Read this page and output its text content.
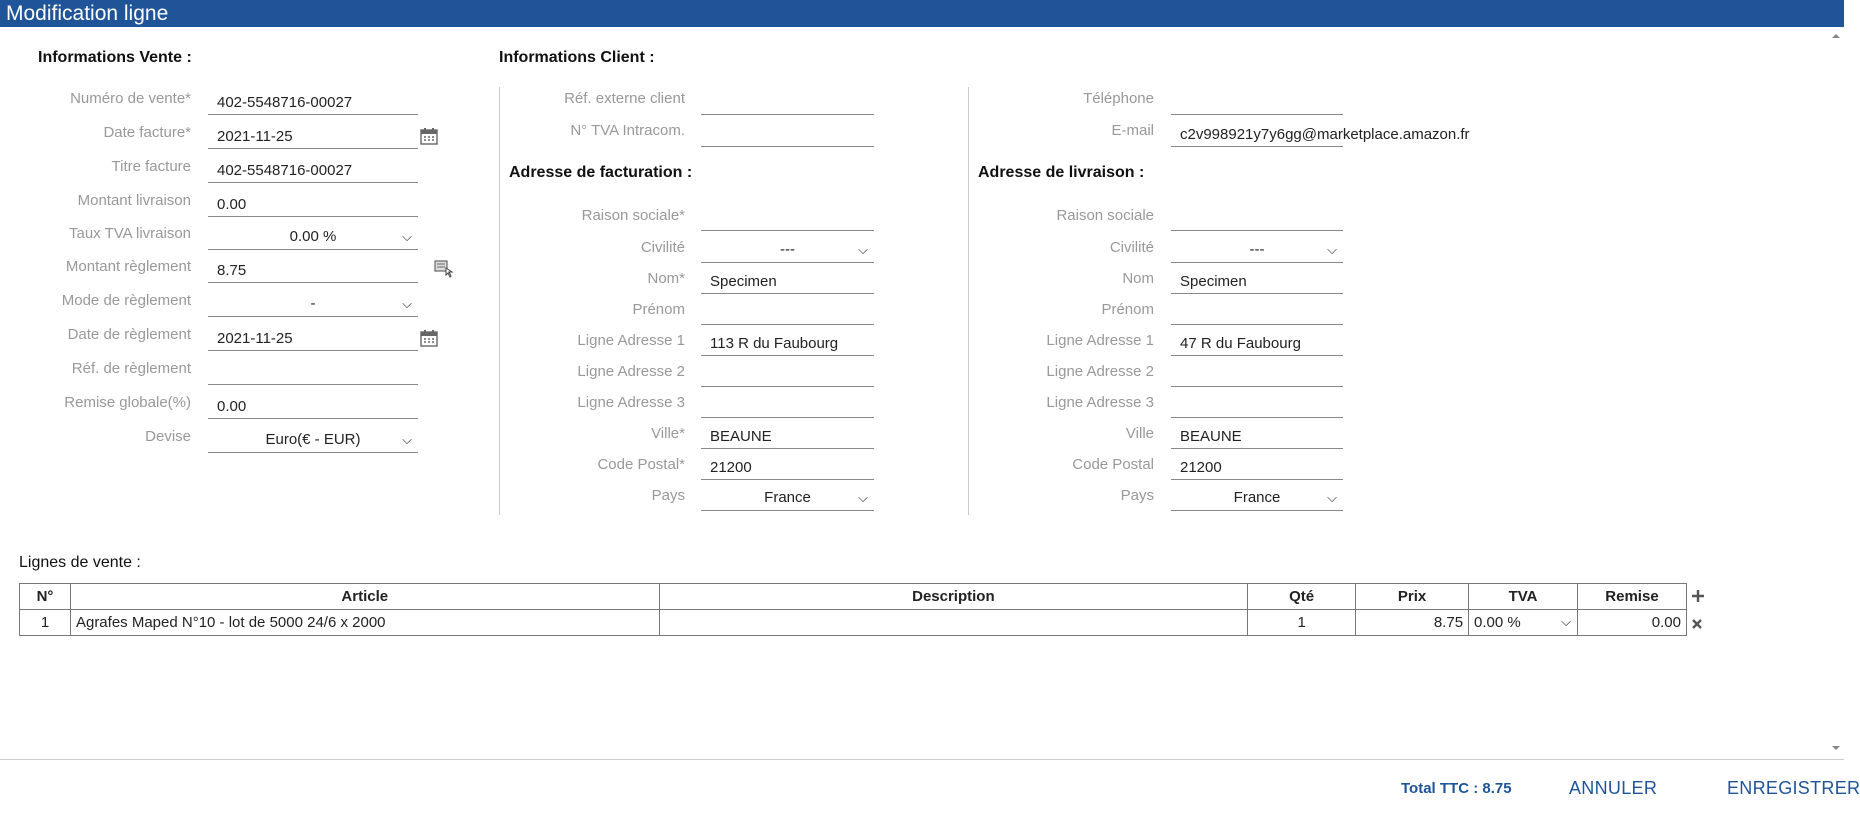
Modification ligne
Informations Vente :
Numéro de vente*	402-5548716-00027
Date facture*	2021-11-25
Titre facture	402-5548716-00027
Montant livraison	0.00
Taux TVA livraison	0.00 %	⌵
Montant règlement	8.75
Mode de règlement	-	⌵
Date de règlement	2021-11-25
Réf. de règlement
Remise globale(%)	0.00
Devise	Euro(€ - EUR)	⌵
Informations Client :
Réf. externe client
N° TVA Intracom.
Téléphone
E-mail	c2v998921y7y6gg@marketplace.amazon.fr
Adresse de facturation :
Raison sociale*
Civilité	---	⌵
Nom*	Specimen
Prénom
Ligne Adresse 1	113 R du Faubourg
Ligne Adresse 2
Ligne Adresse 3
Ville*	BEAUNE
Code Postal*	21200
Pays	France	⌵
Adresse de livraison :
Raison sociale
Civilité	---	⌵
Nom	Specimen
Prénom
Ligne Adresse 1	47 R du Faubourg
Ligne Adresse 2
Ligne Adresse 3
Ville	BEAUNE
Code Postal	21200
Pays	France	⌵
Lignes de vente :
N°	Article	Description	Qté	Prix	TVA	Remise
1	Agrafes Maped N°10 - lot de 5000 24/6 x 2000		1	8.75	0.00 % ⌵	0.00
Total TTC : 8.75	ANNULER	ENREGISTRER
